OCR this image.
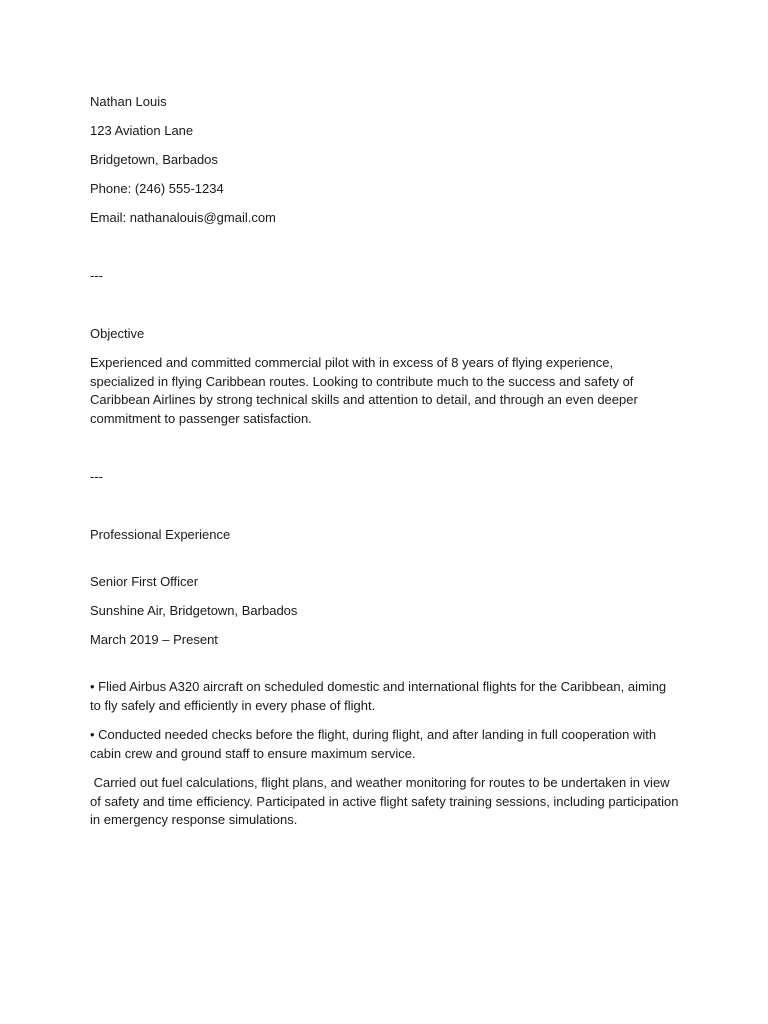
Nathan Louis
123 Aviation Lane
Bridgetown, Barbados
Phone: (246) 555-1234
Email: nathanalouis@gmail.com
---
Objective
Experienced and committed commercial pilot with in excess of 8 years of flying experience, specialized in flying Caribbean routes. Looking to contribute much to the success and safety of Caribbean Airlines by strong technical skills and attention to detail, and through an even deeper commitment to passenger satisfaction.
---
Professional Experience
Senior First Officer
Sunshine Air, Bridgetown, Barbados
March 2019 – Present
• Flied Airbus A320 aircraft on scheduled domestic and international flights for the Caribbean, aiming to fly safely and efficiently in every phase of flight.
• Conducted needed checks before the flight, during flight, and after landing in full cooperation with cabin crew and ground staff to ensure maximum service.
Carried out fuel calculations, flight plans, and weather monitoring for routes to be undertaken in view of safety and time efficiency. Participated in active flight safety training sessions, including participation in emergency response simulations.
